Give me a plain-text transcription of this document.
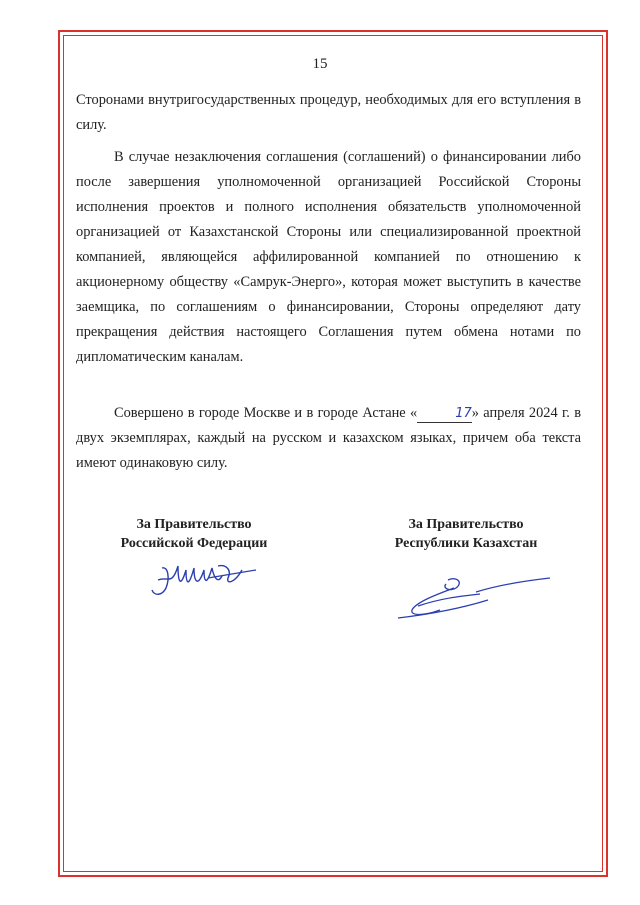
15

Сторонами внутригосударственных процедур, необходимых для его вступления в силу.

В случае незаключения соглашения (соглашений) о финансировании либо после завершения уполномоченной организацией Российской Стороны исполнения проектов и полного исполнения обязательств уполномоченной организацией от Казахстанской Стороны или специализированной проектной компанией, являющейся аффилированной компанией по отношению к акционерному обществу «Самрук-Энерго», которая может выступить в качестве заемщика, по соглашениям о финансировании, Стороны определяют дату прекращения действия настоящего Соглашения путем обмена нотами по дипломатическим каналам.

Совершено в городе Москве и в городе Астане «	17» апреля 2024 г. в двух экземплярах, каждый на русском и казахском языках, причем оба текста имеют одинаковую силу.

За Правительство
Российской Федерации
За Правительство
Республики Казахстан
